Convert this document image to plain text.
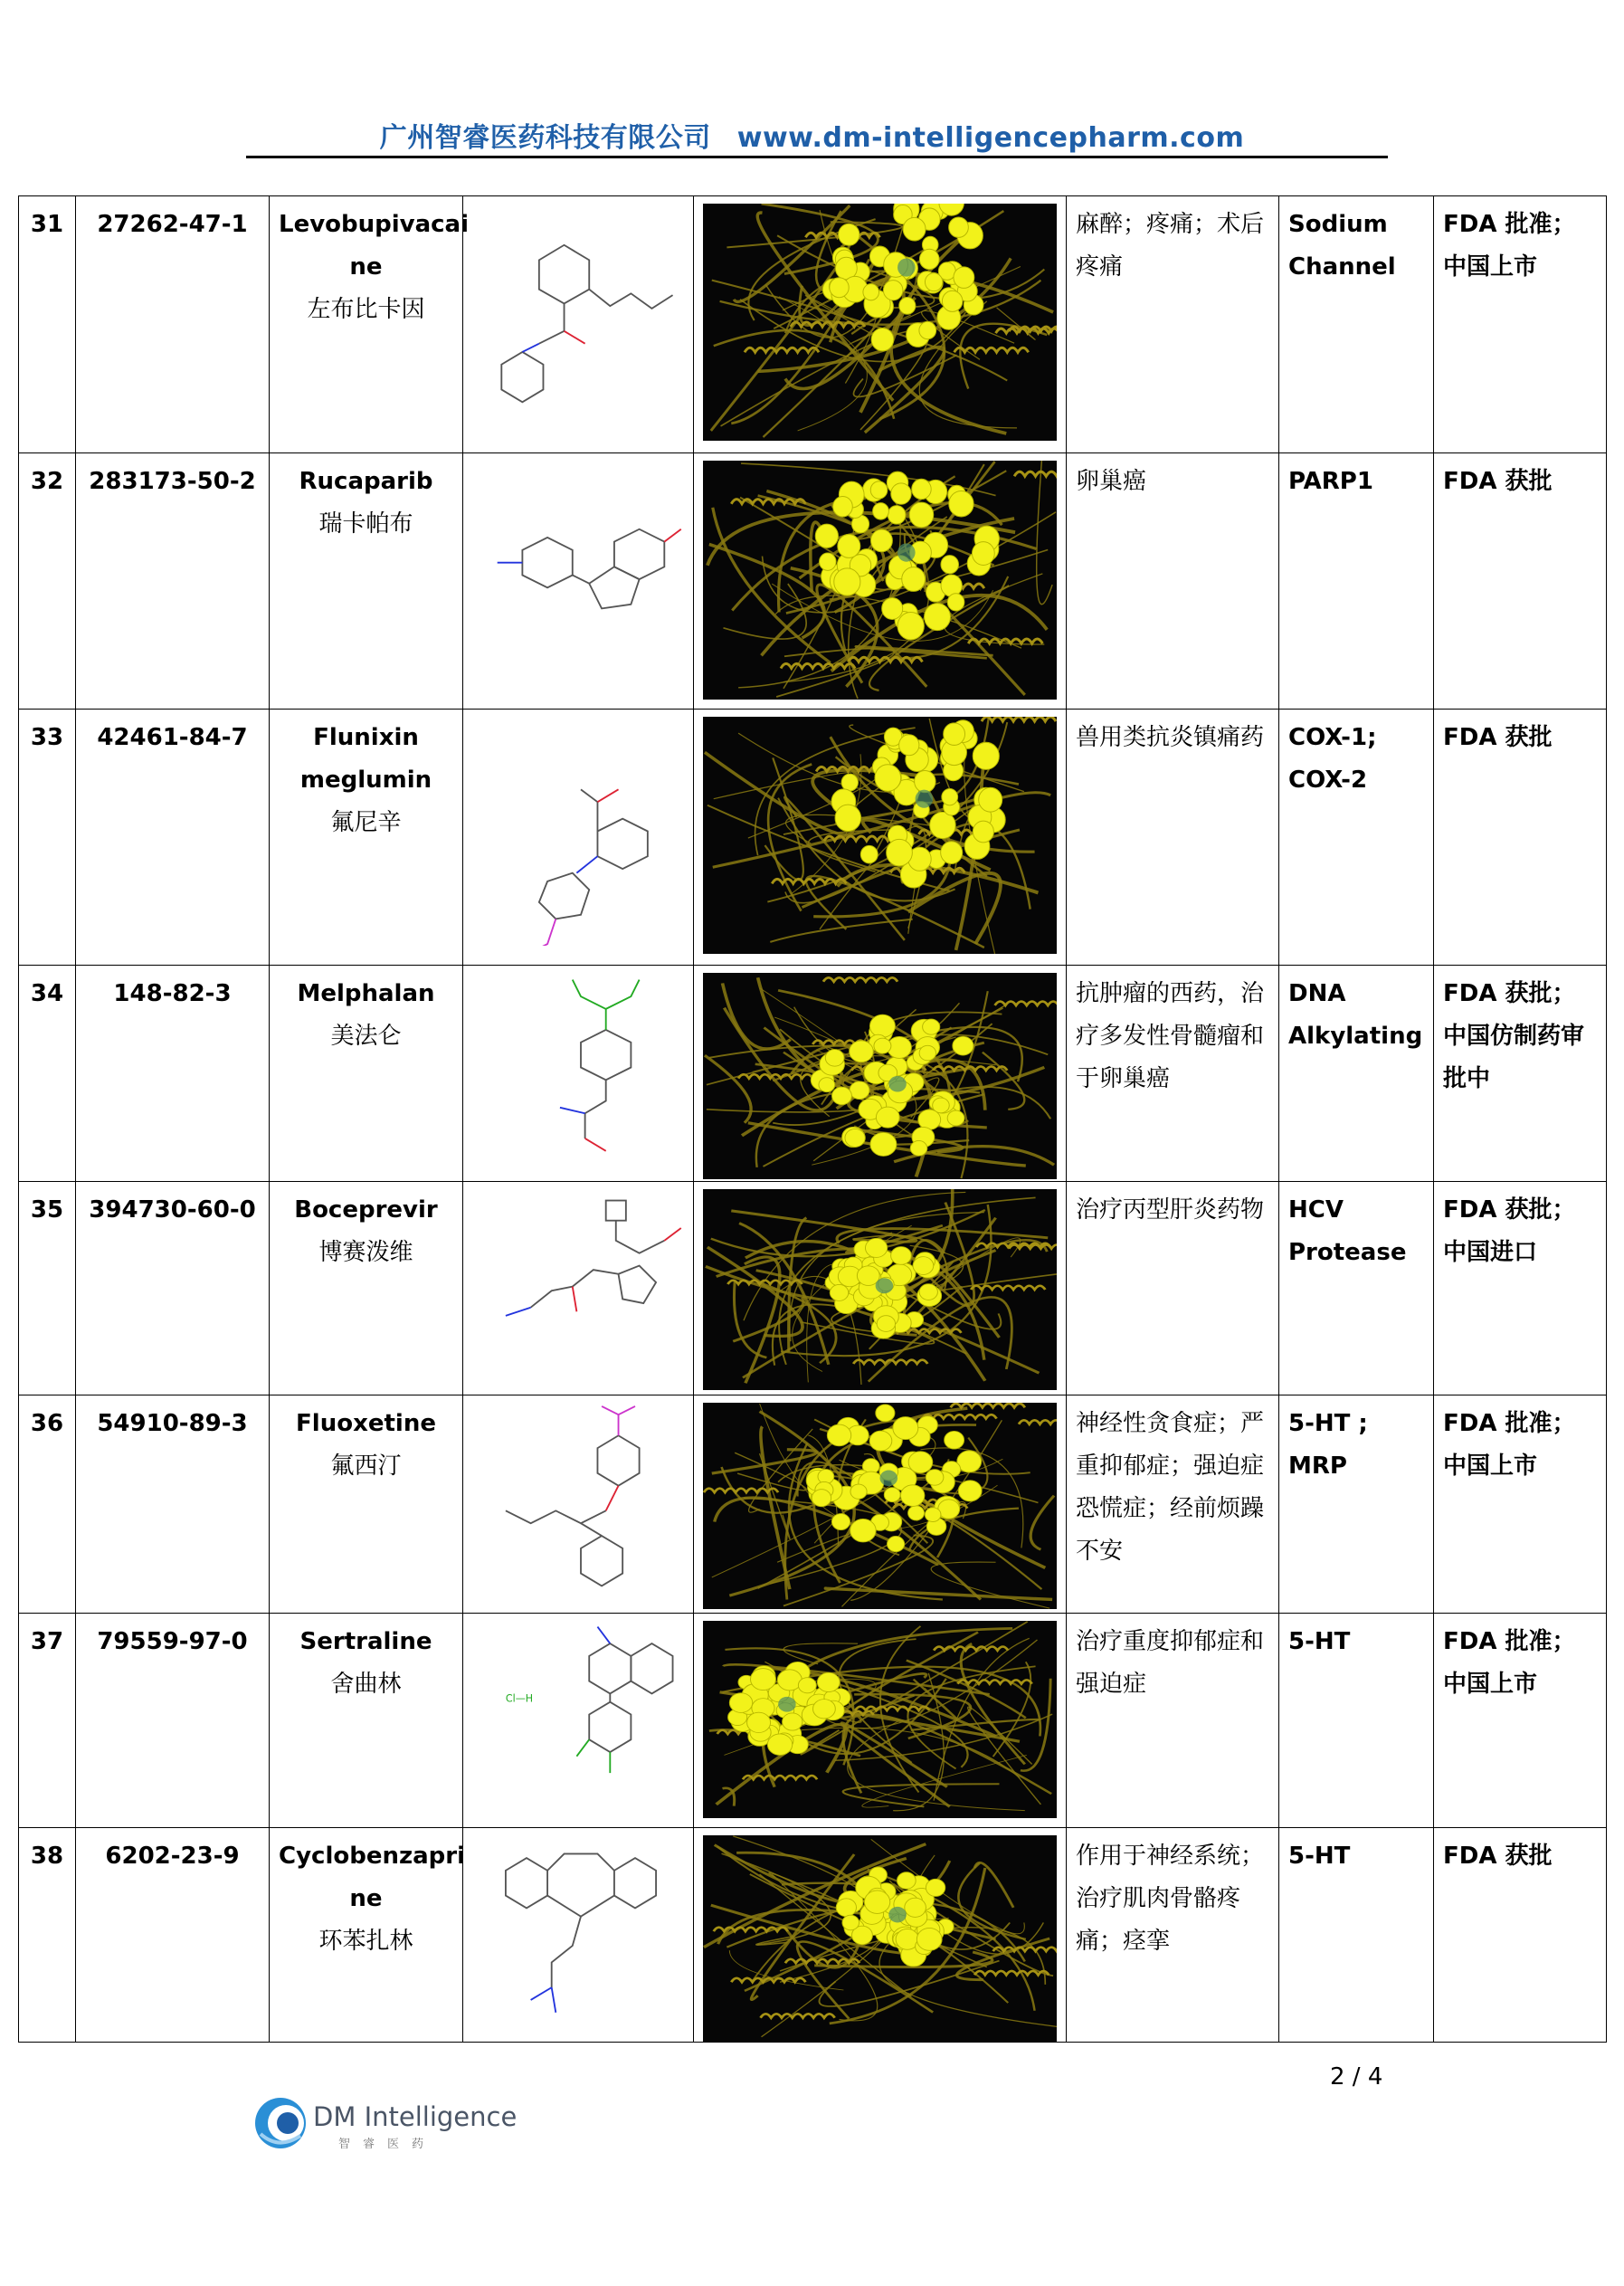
广州智睿医药科技有限公司 www.dm-intelligencepharm.com
31	27262-47-1	Levobupivacai
ne
左布比卡因			麻醉；疼痛；术后疼痛	Sodium Channel	FDA 批准；中国上市
32	283173-50-2	Rucaparib
瑞卡帕布			卵巢癌	PARP1	FDA 获批
33	42461-84-7	Flunixin
meglumin
氟尼辛			兽用类抗炎镇痛药	COX-1; COX-2	FDA 获批
34	148-82-3	Melphalan
美法仑			抗肿瘤的西药，治疗多发性骨髓瘤和于卵巢癌	DNA Alkylating	FDA 获批；中国仿制药审批中
35	394730-60-0	Boceprevir
博赛泼维			治疗丙型肝炎药物	HCV Protease	FDA 获批；中国进口
36	54910-89-3	Fluoxetine
氟西汀			神经性贪食症；严重抑郁症；强迫症 恐慌症；经前烦躁不安	5-HT ; MRP	FDA 批准；中国上市
37	79559-97-0	Sertraline
舍曲林	Cl—H		治疗重度抑郁症和强迫症	5-HT	FDA 批准；中国上市
38	6202-23-9	Cyclobenzapri
ne
环苯扎林			作用于神经系统；治疗肌肉骨骼疼痛；痉挛	5-HT	FDA 获批
2 / 4
DM Intelligence
智睿医药
